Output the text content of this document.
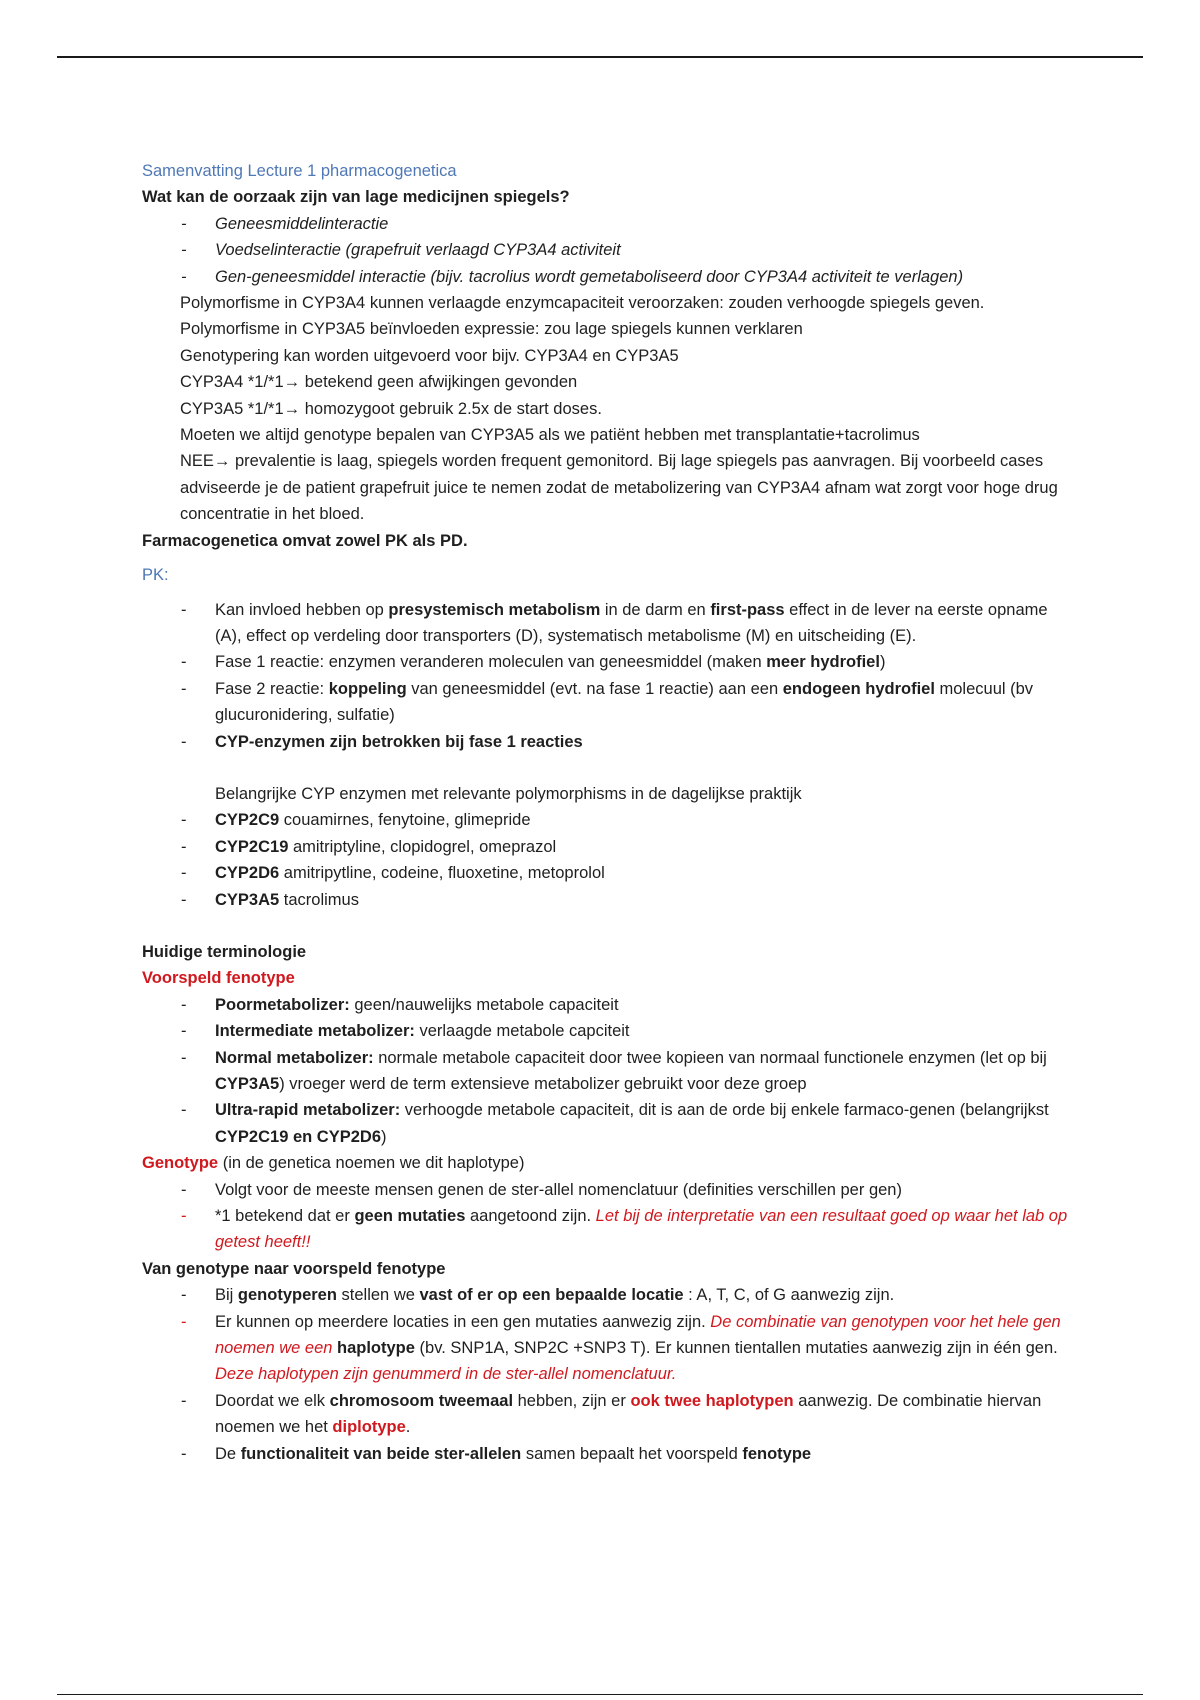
Samenvatting Lecture 1 pharmacogenetica
Wat kan de oorzaak zijn van lage medicijnen spiegels?
- Geneesmiddelinteractie
- Voedselinteractie (grapefruit verlaagd CYP3A4 activiteit
- Gen-geneesmiddel interactie (bijv. tacrolius wordt gemetaboliseerd door CYP3A4 activiteit te verlagen)
Polymorfisme in CYP3A4 kunnen verlaagde enzymcapaciteit veroorzaken: zouden verhoogde spiegels geven.
Polymorfisme in CYP3A5 beïnvloeden expressie: zou lage spiegels kunnen verklaren
Genotypering kan worden uitgevoerd voor bijv. CYP3A4 en CYP3A5
CYP3A4 *1/*1→ betekend geen afwijkingen gevonden
CYP3A5 *1/*1→ homozygoot gebruik 2.5x de start doses.
Moeten we altijd genotype bepalen van CYP3A5 als we patiënt hebben met transplantatie+tacrolimus
NEE→ prevalentie is laag, spiegels worden frequent gemonitord. Bij lage spiegels pas aanvragen. Bij voorbeeld cases adviseerde je de patient grapefruit juice te nemen zodat de metabolizering van CYP3A4 afnam wat zorgt voor hoge drug concentratie in het bloed.
Farmacogenetica omvat zowel PK als PD.
PK:
- Kan invloed hebben op presystemisch metabolism in de darm en first-pass effect in de lever na eerste opname (A), effect op verdeling door transporters (D), systematisch metabolisme (M) en uitscheiding (E).
- Fase 1 reactie: enzymen veranderen moleculen van geneesmiddel (maken meer hydrofiel)
- Fase 2 reactie: koppeling van geneesmiddel (evt. na fase 1 reactie) aan een endogeen hydrofiel molecuul (bv glucuronidering, sulfatie)
- CYP-enzymen zijn betrokken bij fase 1 reacties
Belangrijke CYP enzymen met relevante polymorphisms in de dagelijkse praktijk
- CYP2C9 couamirnes, fenytoine, glimepride
- CYP2C19 amitriptyline, clopidogrel, omeprazol
- CYP2D6 amitripytline, codeine, fluoxetine, metoprolol
- CYP3A5 tacrolimus
Huidige terminologie
Voorspeld fenotype
- Poormetabolizer: geen/nauwelijks metabole capaciteit
- Intermediate metabolizer: verlaagde metabole capciteit
- Normal metabolizer: normale metabole capaciteit door twee kopieen van normaal functionele enzymen (let op bij CYP3A5) vroeger werd de term extensieve metabolizer gebruikt voor deze groep
- Ultra-rapid metabolizer: verhoogde metabole capaciteit, dit is aan de orde bij enkele farmaco-genen (belangrijkst CYP2C19 en CYP2D6)
Genotype (in de genetica noemen we dit haplotype)
- Volgt voor de meeste mensen genen de ster-allel nomenclatuur (definities verschillen per gen)
- *1 betekend dat er geen mutaties aangetoond zijn. Let bij de interpretatie van een resultaat goed op waar het lab op getest heeft!!
Van genotype naar voorspeld fenotype
- Bij genotyperen stellen we vast of er op een bepaalde locatie : A, T, C, of G aanwezig zijn.
- Er kunnen op meerdere locaties in een gen mutaties aanwezig zijn. De combinatie van genotypen voor het hele gen noemen we een haplotype (bv. SNP1A, SNP2C +SNP3 T). Er kunnen tientallen mutaties aanwezig zijn in één gen. Deze haplotypen zijn genummerd in de ster-allel nomenclatuur.
- Doordat we elk chromosoom tweemaal hebben, zijn er ook twee haplotypen aanwezig. De combinatie hiervan noemen we het diplotype.
- De functionaliteit van beide ster-allelen samen bepaalt het voorspeld fenotype
